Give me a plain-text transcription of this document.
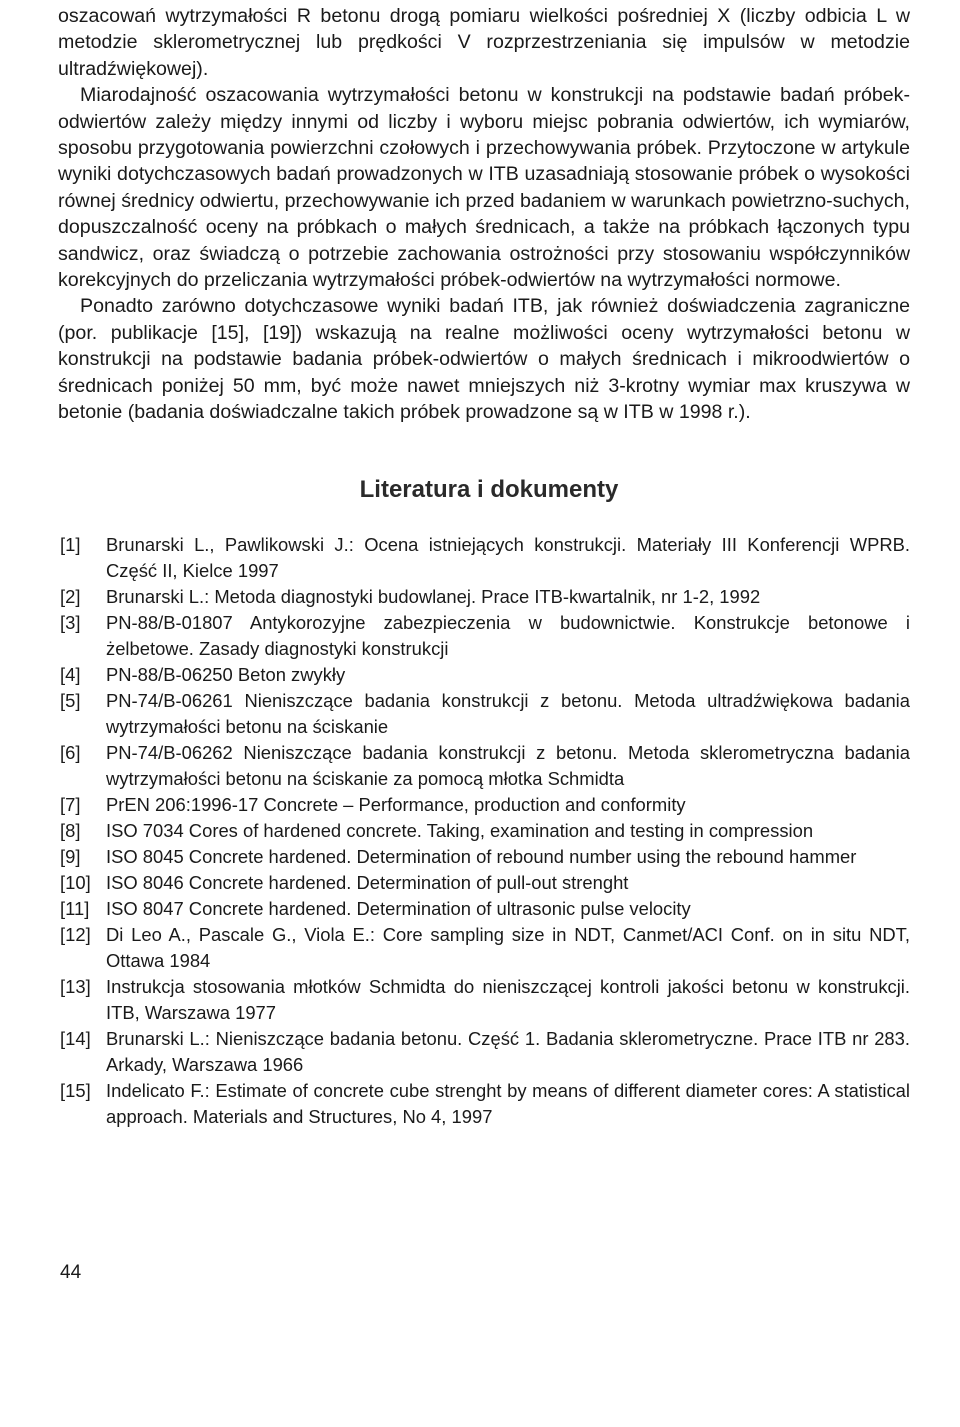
oszacowań wytrzymałości R betonu drogą pomiaru wielkości pośredniej X (liczby odbicia L w metodzie sklerometrycznej lub prędkości V rozprzestrzeniania się impulsów w metodzie ultradźwiękowej).

Miarodajność oszacowania wytrzymałości betonu w konstrukcji na podstawie badań próbek-odwiertów zależy między innymi od liczby i wyboru miejsc pobrania odwiertów, ich wymiarów, sposobu przygotowania powierzchni czołowych i przechowywania próbek. Przytoczone w artykule wyniki dotychczasowych badań prowadzonych w ITB uzasadniają stosowanie próbek o wysokości równej średnicy odwiertu, przechowywanie ich przed badaniem w warunkach powietrzno-suchych, dopuszczalność oceny na próbkach o małych średnicach, a także na próbkach łączonych typu sandwicz, oraz świadczą o potrzebie zachowania ostrożności przy stosowaniu współczynników korekcyjnych do przeliczania wytrzymałości próbek-odwiertów na wytrzymałości normowe.

Ponadto zarówno dotychczasowe wyniki badań ITB, jak również doświadczenia zagraniczne (por. publikacje [15], [19]) wskazują na realne możliwości oceny wytrzymałości betonu w konstrukcji na podstawie badania próbek-odwiertów o małych średnicach i mikroodwiertów o średnicach poniżej 50 mm, być może nawet mniejszych niż 3-krotny wymiar max kruszywa w betonie (badania doświadczalne takich próbek prowadzone są w ITB w 1998 r.).

Literatura i dokumenty
[1] Brunarski L., Pawlikowski J.: Ocena istniejących konstrukcji. Materiały III Konferencji WPRB. Część II, Kielce 1997
[2] Brunarski L.: Metoda diagnostyki budowlanej. Prace ITB-kwartalnik, nr 1-2, 1992
[3] PN-88/B-01807 Antykorozyjne zabezpieczenia w budownictwie. Konstrukcje betonowe i żelbetowe. Zasady diagnostyki konstrukcji
[4] PN-88/B-06250 Beton zwykły
[5] PN-74/B-06261 Nieniszczące badania konstrukcji z betonu. Metoda ultradźwiękowa badania wytrzymałości betonu na ściskanie
[6] PN-74/B-06262 Nieniszczące badania konstrukcji z betonu. Metoda sklerometryczna badania wytrzymałości betonu na ściskanie za pomocą młotka Schmidta
[7] PrEN 206:1996-17 Concrete – Performance, production and conformity
[8] ISO 7034 Cores of hardened concrete. Taking, examination and testing in compression
[9] ISO 8045 Concrete hardened. Determination of rebound number using the rebound hammer
[10] ISO 8046 Concrete hardened. Determination of pull-out strenght
[11] ISO 8047 Concrete hardened. Determination of ultrasonic pulse velocity
[12] Di Leo A., Pascale G., Viola E.: Core sampling size in NDT, Canmet/ACI Conf. on in situ NDT, Ottawa 1984
[13] Instrukcja stosowania młotków Schmidta do nieniszczącej kontroli jakości betonu w konstrukcji. ITB, Warszawa 1977
[14] Brunarski L.: Nieniszczące badania betonu. Część 1. Badania sklerometryczne. Prace ITB nr 283. Arkady, Warszawa 1966
[15] Indelicato F.: Estimate of concrete cube strenght by means of different diameter cores: A statistical approach. Materials and Structures, No 4, 1997
44
